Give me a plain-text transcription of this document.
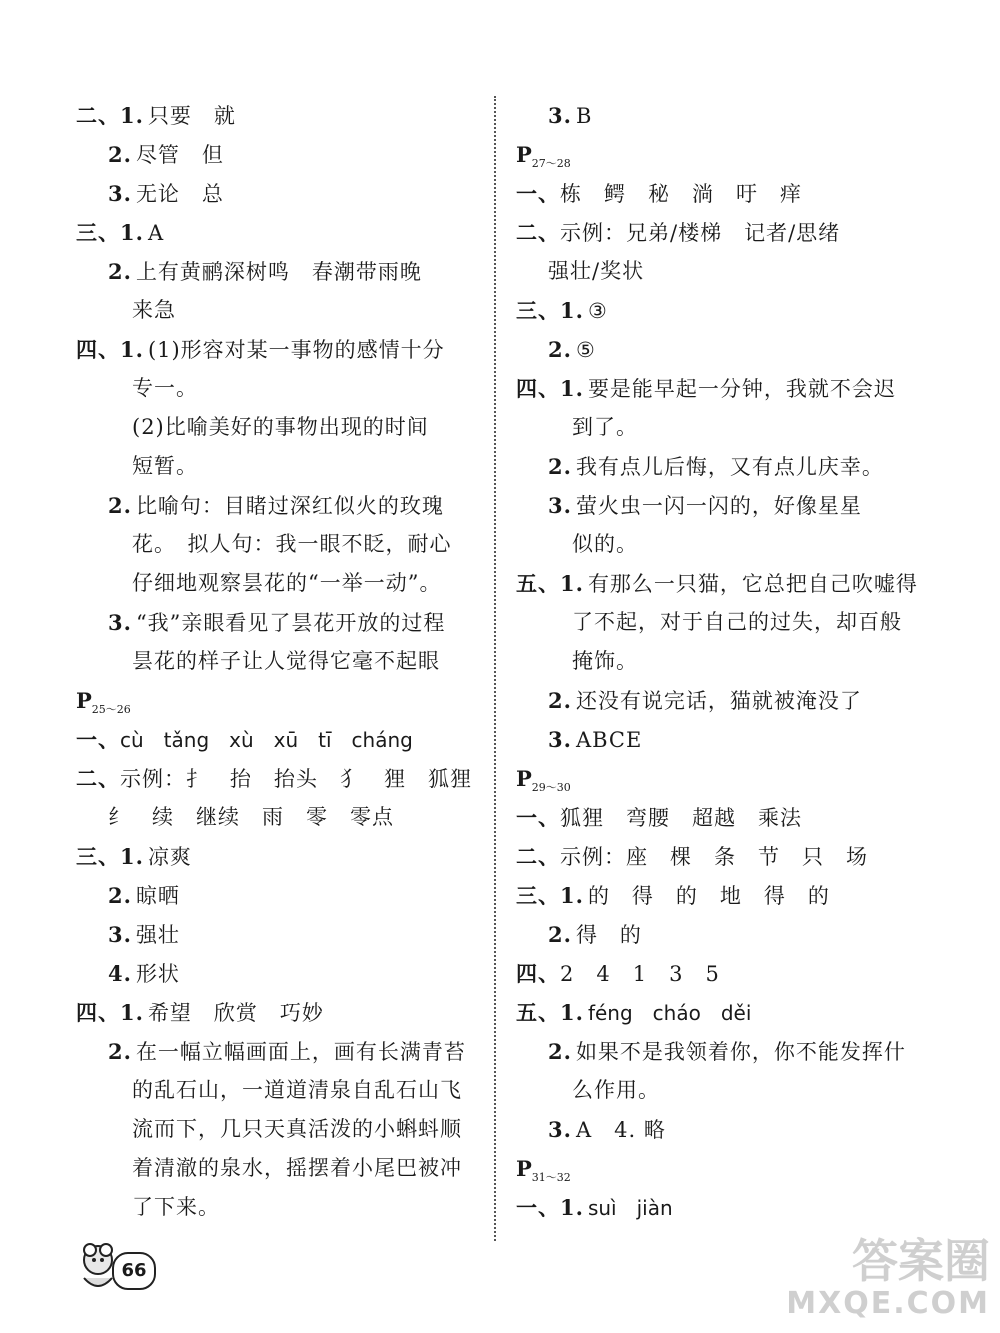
二、1. 只要　就
2. 尽管　但
3. 无论　总
三、1. A
2. 上有黄鹂深树鸣　春潮带雨晚
来急
四、1. (1)形容对某一事物的感情十分
专一。
(2)比喻美好的事物出现的时间
短暂。
2. 比喻句：目睹过深红似火的玫瑰
花。　拟人句：我一眼不眨，耐心
仔细地观察昙花的“一举一动”。
3. “我”亲眼看见了昙花开放的过程
昙花的样子让人觉得它毫不起眼
$P_{25\sim 26}$
一、cù　tǎng　xù　xū　tī　cháng
二、示例：扌　抬　抬头　犭　狸　狐狸
纟　续　继续　雨　零　零点
三、1. 凉爽
2. 晾晒
3. 强壮
4. 形状
四、1. 希望　欣赏　巧妙
2. 在一幅立幅画面上，画有长满青苔
的乱石山，一道道清泉自乱石山飞
流而下，几只天真活泼的小蝌蚪顺
着清澈的泉水，摇摆着小尾巴被冲
了下来。
3. B
$P_{27\sim 28}$
一、栋　鳄　秘　淌　吁　痒
二、示例：兄弟/楼梯　记者/思绪
强壮/奖状
三、1. ③
2. ⑤
四、1. 要是能早起一分钟，我就不会迟
到了。
2. 我有点儿后悔，又有点儿庆幸。
3. 萤火虫一闪一闪的，好像星星
似的。
五、1. 有那么一只猫，它总把自己吹嘘得
了不起，对于自己的过失，却百般
掩饰。
2. 还没有说完话，猫就被淹没了
3. ABCE
$P_{29\sim 30}$
一、狐狸　弯腰　超越　乘法
二、示例：座　棵　条　节　只　场
三、1. 的　得　的　地　得　的
2. 得　的
四、2　4　1　3　5
五、1. féng　cháo　děi
2. 如果不是我领着你，你不能发挥什
么作用。
3. A　4. 略
$P_{31\sim 32}$
一、1. suì　jiàn
66	答案圈
MXQE.COM
